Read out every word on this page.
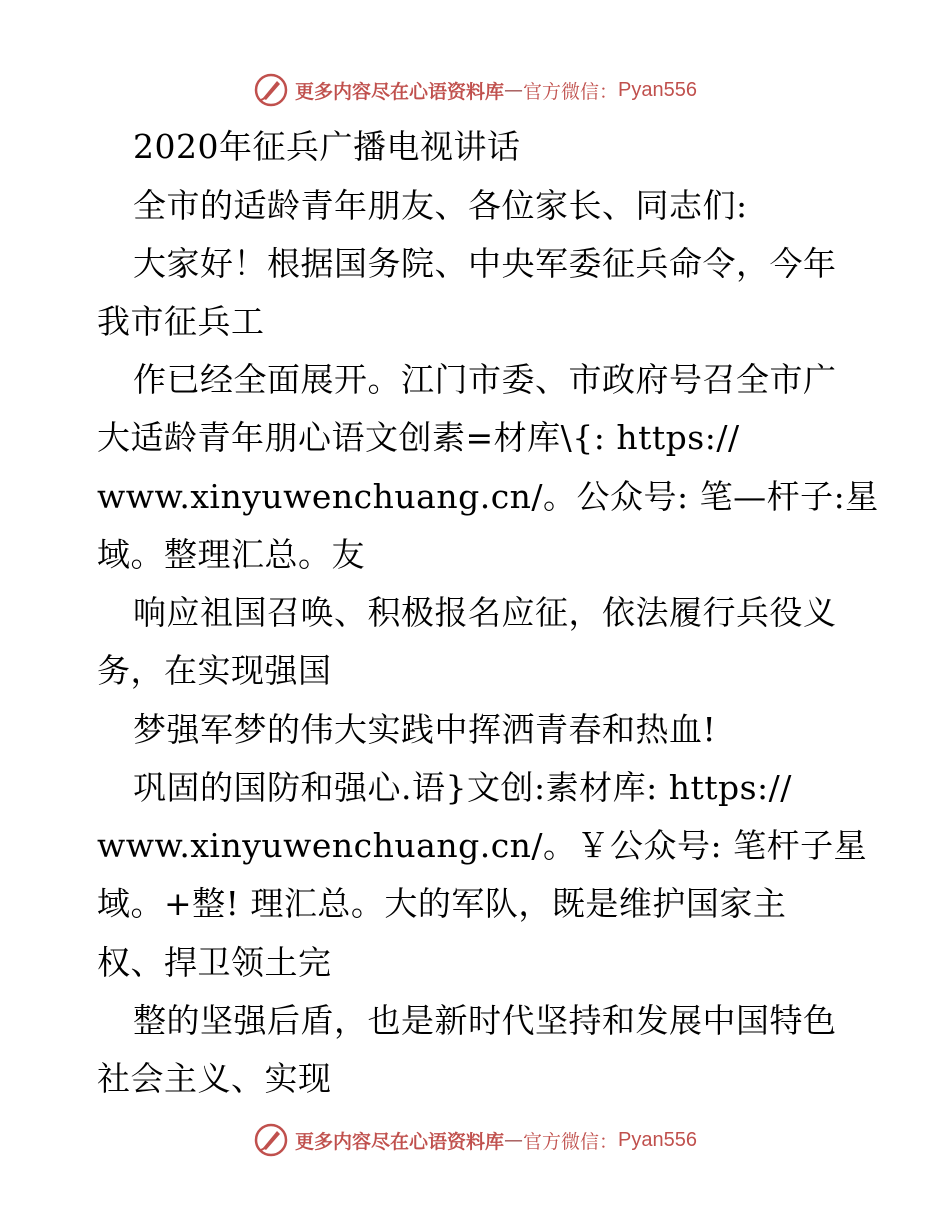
更多内容尽在心语资料库 — 官方微信： Pyan556
2020年征兵广播电视讲话
全市的适龄青年朋友、各位家长、同志们:
大家好！根据国务院、中央军委征兵命令，今年
我市征兵工
作已经全面展开。江门市委、市政府号召全市广
大适龄青年朋心语文创素=材库\{: https://
www.xinyuwenchuang.cn/。公众号: 笔—杆子:星
域。整理汇总。友
响应祖国召唤、积极报名应征，依法履行兵役义
务，在实现强国
梦强军梦的伟大实践中挥洒青春和热血!
巩固的国防和强心.语}文创:素材库: https://
www.xinyuwenchuang.cn/。￥公众号: 笔杆子星
域。+整! 理汇总。大的军队，既是维护国家主
权、捍卫领土完
整的坚强后盾，也是新时代坚持和发展中国特色
社会主义、实现
更多内容尽在心语资料库 — 官方微信： Pyan556
